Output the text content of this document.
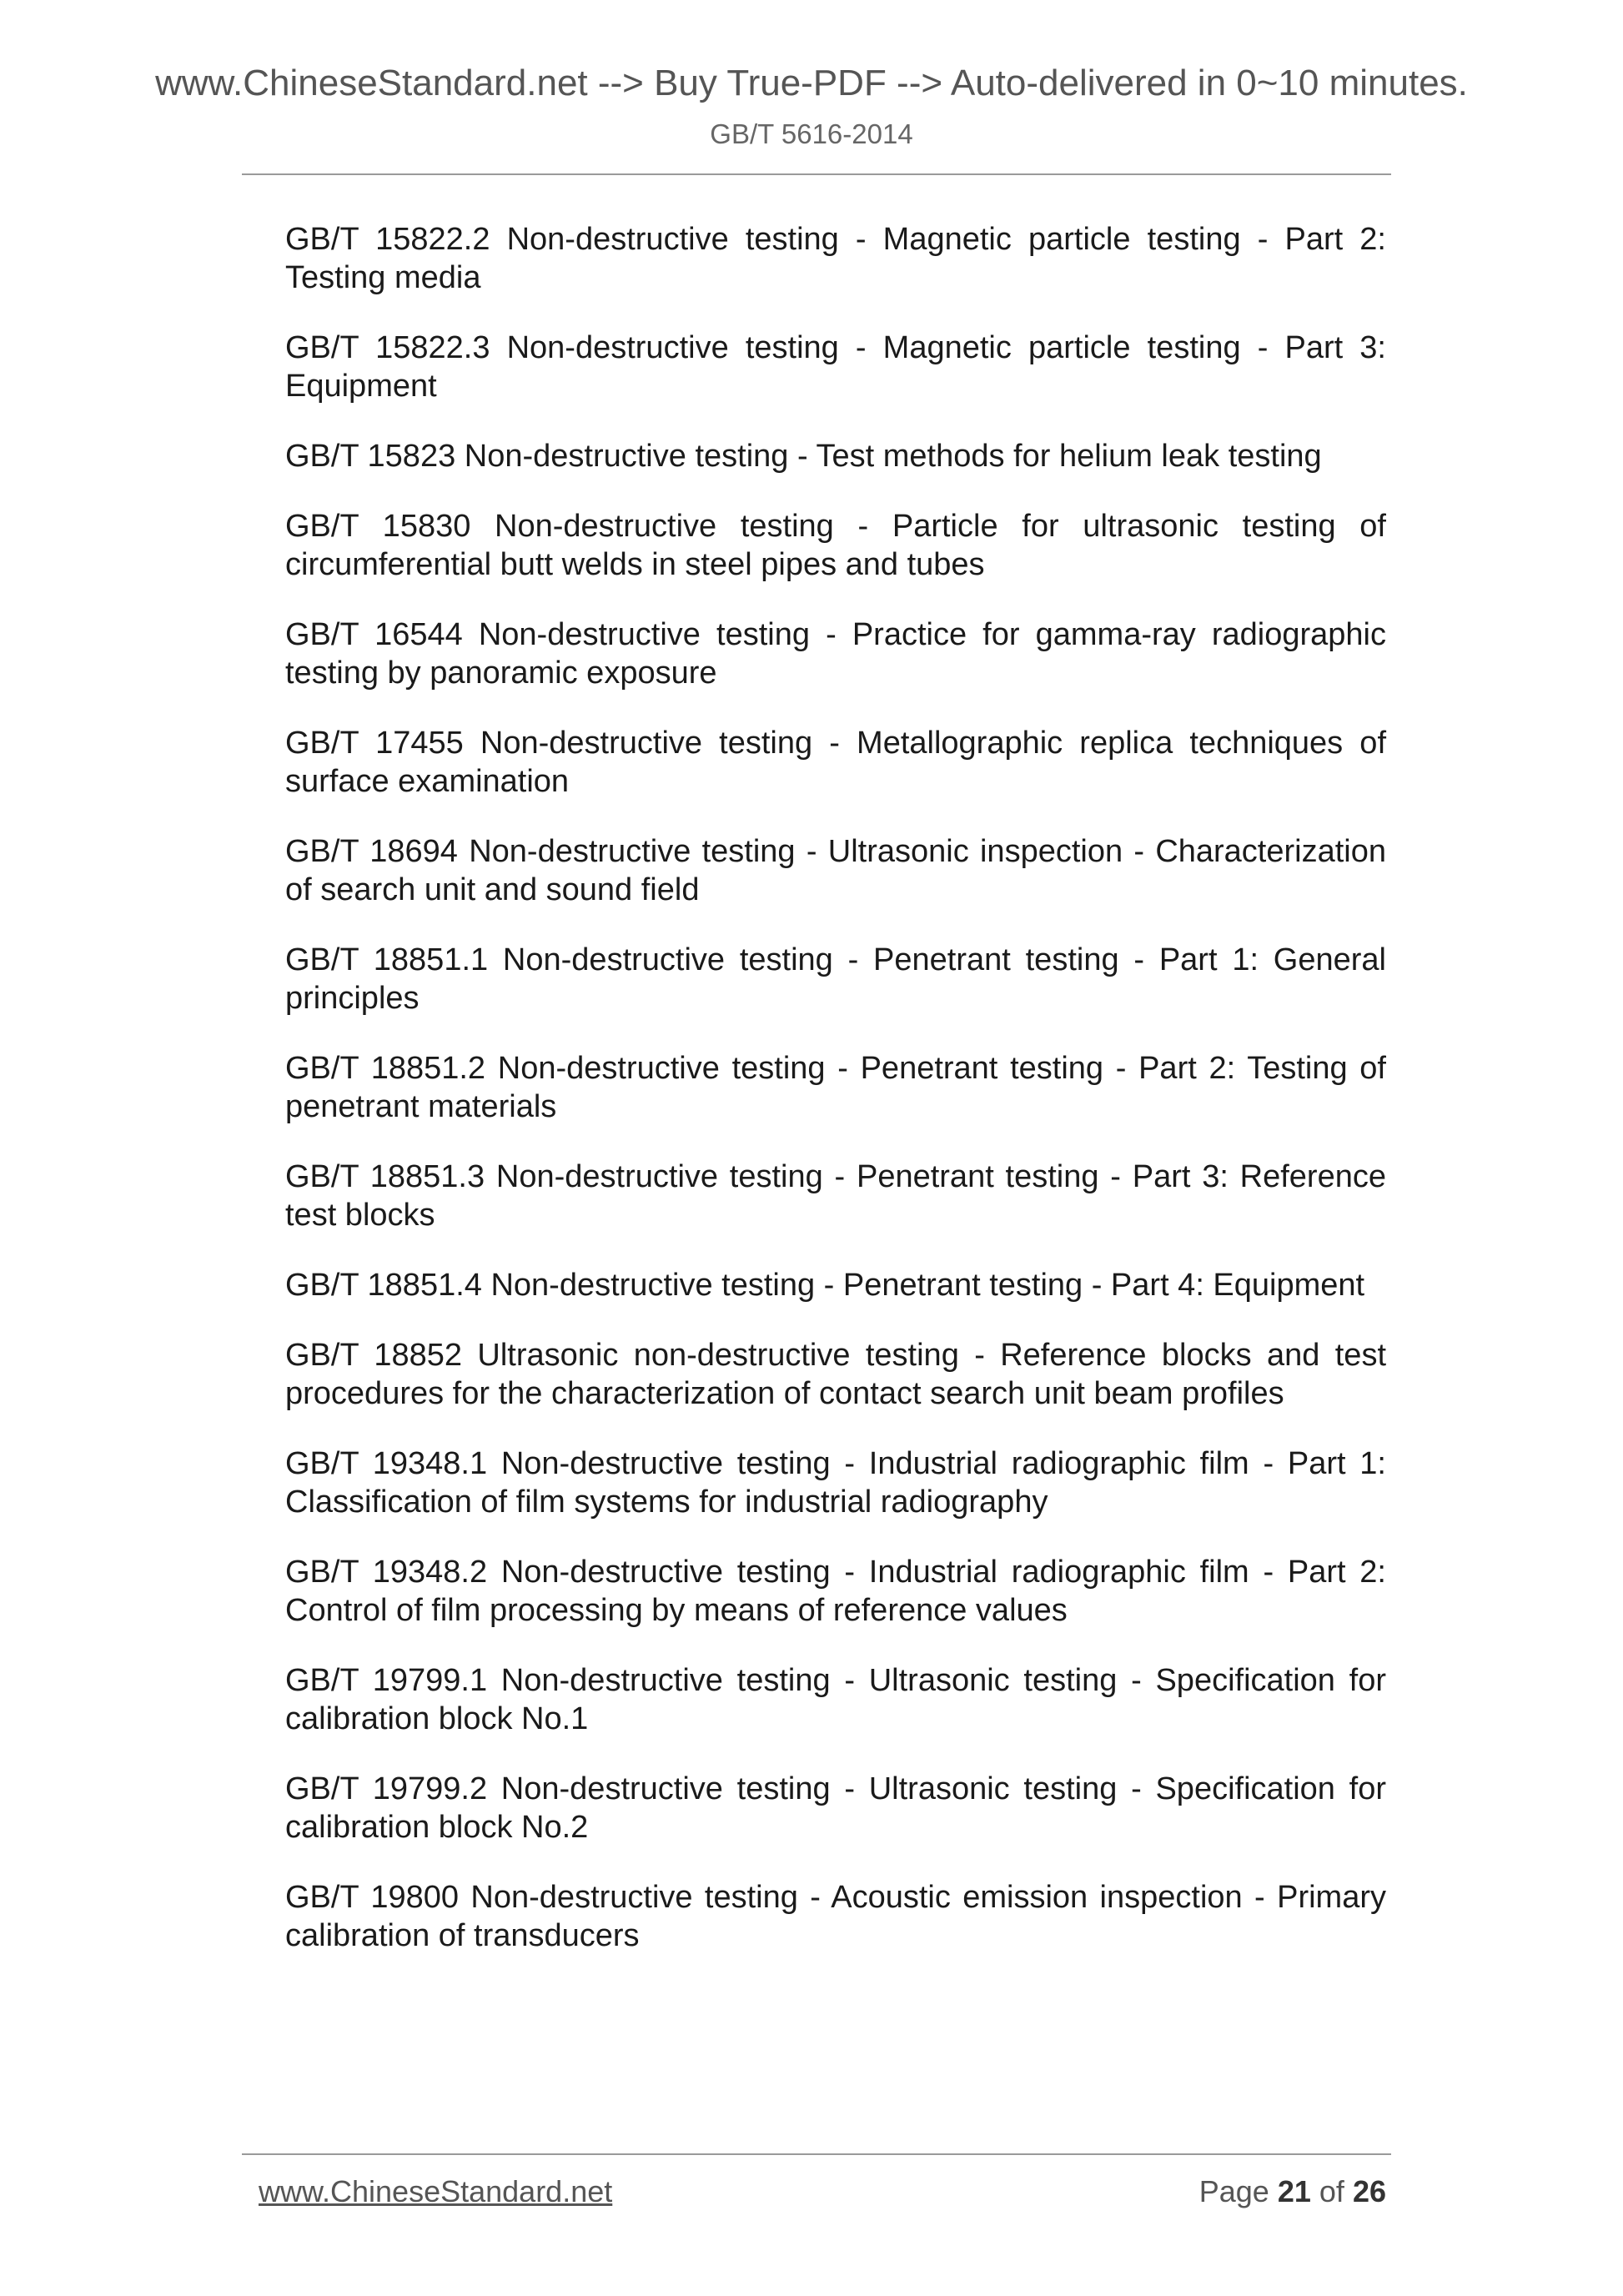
www.ChineseStandard.net --> Buy True-PDF --> Auto-delivered in 0~10 minutes.
GB/T 5616-2014
GB/T 15822.2 Non-destructive testing - Magnetic particle testing - Part 2: Testing media
GB/T 15822.3 Non-destructive testing - Magnetic particle testing - Part 3: Equipment
GB/T 15823 Non-destructive testing - Test methods for helium leak testing
GB/T 15830 Non-destructive testing - Particle for ultrasonic testing of circumferential butt welds in steel pipes and tubes
GB/T 16544 Non-destructive testing - Practice for gamma-ray radiographic testing by panoramic exposure
GB/T 17455 Non-destructive testing - Metallographic replica techniques of surface examination
GB/T 18694 Non-destructive testing - Ultrasonic inspection - Characterization of search unit and sound field
GB/T 18851.1 Non-destructive testing - Penetrant testing - Part 1: General principles
GB/T 18851.2 Non-destructive testing - Penetrant testing - Part 2: Testing of penetrant materials
GB/T 18851.3 Non-destructive testing - Penetrant testing - Part 3: Reference test blocks
GB/T 18851.4 Non-destructive testing - Penetrant testing - Part 4: Equipment
GB/T 18852 Ultrasonic non-destructive testing - Reference blocks and test procedures for the characterization of contact search unit beam profiles
GB/T 19348.1 Non-destructive testing - Industrial radiographic film - Part 1: Classification of film systems for industrial radiography
GB/T 19348.2 Non-destructive testing - Industrial radiographic film - Part 2: Control of film processing by means of reference values
GB/T 19799.1 Non-destructive testing - Ultrasonic testing - Specification for calibration block No.1
GB/T 19799.2 Non-destructive testing - Ultrasonic testing - Specification for calibration block No.2
GB/T 19800 Non-destructive testing - Acoustic emission inspection - Primary calibration of transducers
www.ChineseStandard.net	Page 21 of 26
